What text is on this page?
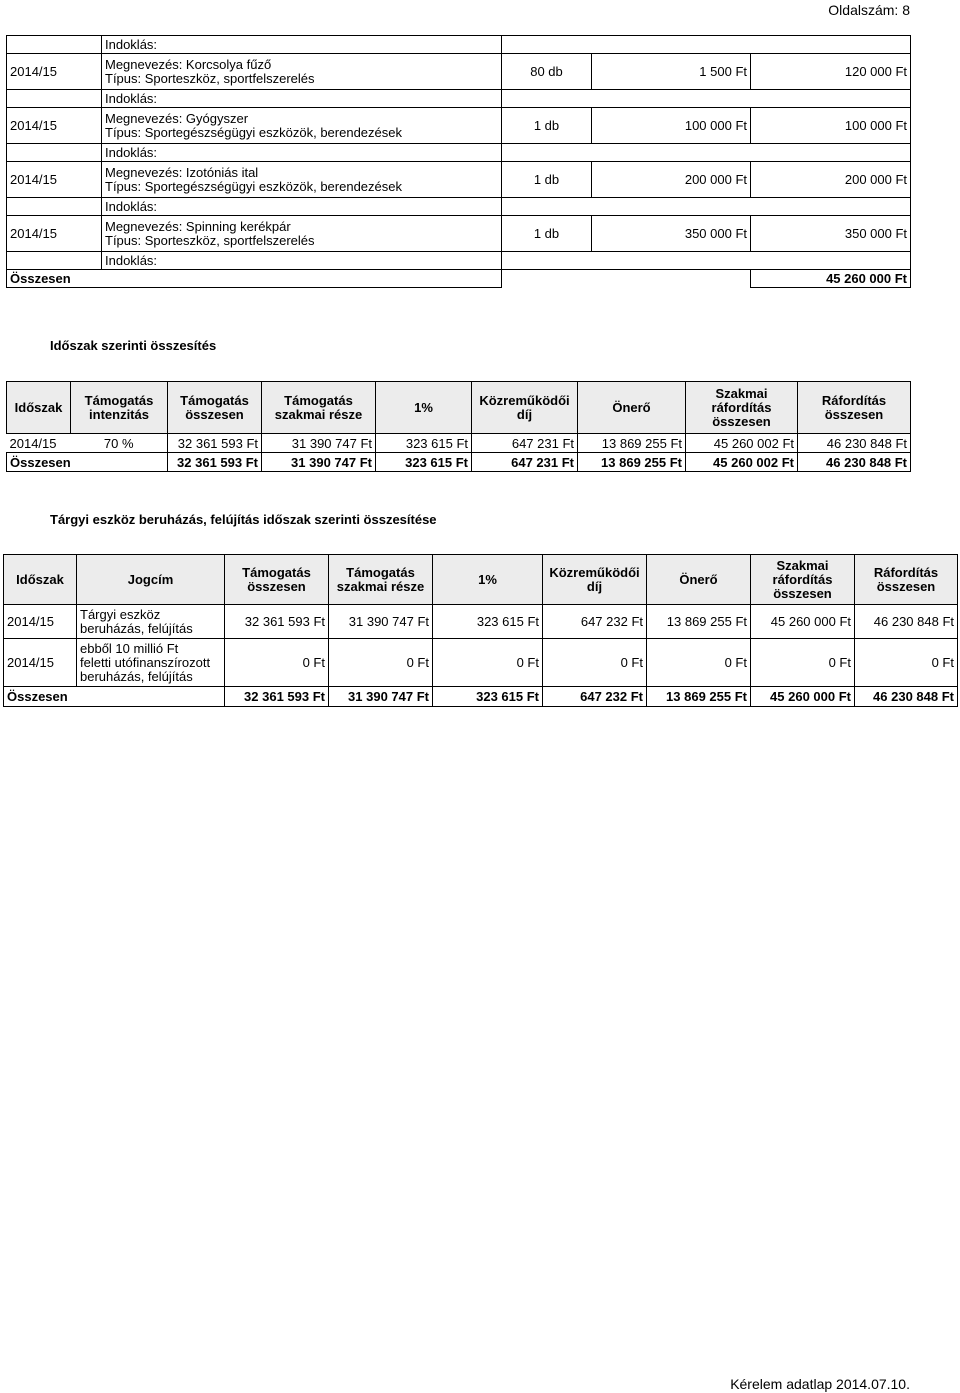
Oldalszám: 8
	Indoklás:			
2014/15	Megnevezés: Korcsolya fűző
Típus: Sporteszköz, sportfelszerelés	80 db	1 500 Ft	120 000 Ft
	Indoklás:			
2014/15	Megnevezés: Gyógyszer
Típus: Sportegészségügyi eszközök, berendezések	1 db	100 000 Ft	100 000 Ft
	Indoklás:			
2014/15	Megnevezés: Izotóniás ital
Típus: Sportegészségügyi eszközök, berendezések	1 db	200 000 Ft	200 000 Ft
	Indoklás:			
2014/15	Megnevezés: Spinning kerékpár
Típus: Sporteszköz, sportfelszerelés	1 db	350 000 Ft	350 000 Ft
	Indoklás:			
Összesen				45 260 000 Ft
Időszak szerinti összesítés
Időszak	Támogatás intenzitás	Támogatás összesen	Támogatás szakmai része	1%	Közreműködői díj	Önerő	Szakmai ráfordítás összesen	Ráfordítás összesen
2014/15	70 %	32 361 593 Ft	31 390 747 Ft	323 615 Ft	647 231 Ft	13 869 255 Ft	45 260 002 Ft	46 230 848 Ft
Összesen		32 361 593 Ft	31 390 747 Ft	323 615 Ft	647 231 Ft	13 869 255 Ft	45 260 002 Ft	46 230 848 Ft
Tárgyi eszköz beruházás, felújítás időszak szerinti összesítése
Időszak	Jogcím	Támogatás összesen	Támogatás szakmai része	1%	Közreműködői díj	Önerő	Szakmai ráfordítás összesen	Ráfordítás összesen
2014/15	Tárgyi eszköz
beruházás, felújítás	32 361 593 Ft	31 390 747 Ft	323 615 Ft	647 232 Ft	13 869 255 Ft	45 260 000 Ft	46 230 848 Ft
2014/15	ebből 10 millió Ft
feletti utófinanszírozott
beruházás, felújítás	0 Ft	0 Ft	0 Ft	0 Ft	0 Ft	0 Ft	0 Ft
Összesen		32 361 593 Ft	31 390 747 Ft	323 615 Ft	647 232 Ft	13 869 255 Ft	45 260 000 Ft	46 230 848 Ft
Kérelem adatlap 2014.07.10.
